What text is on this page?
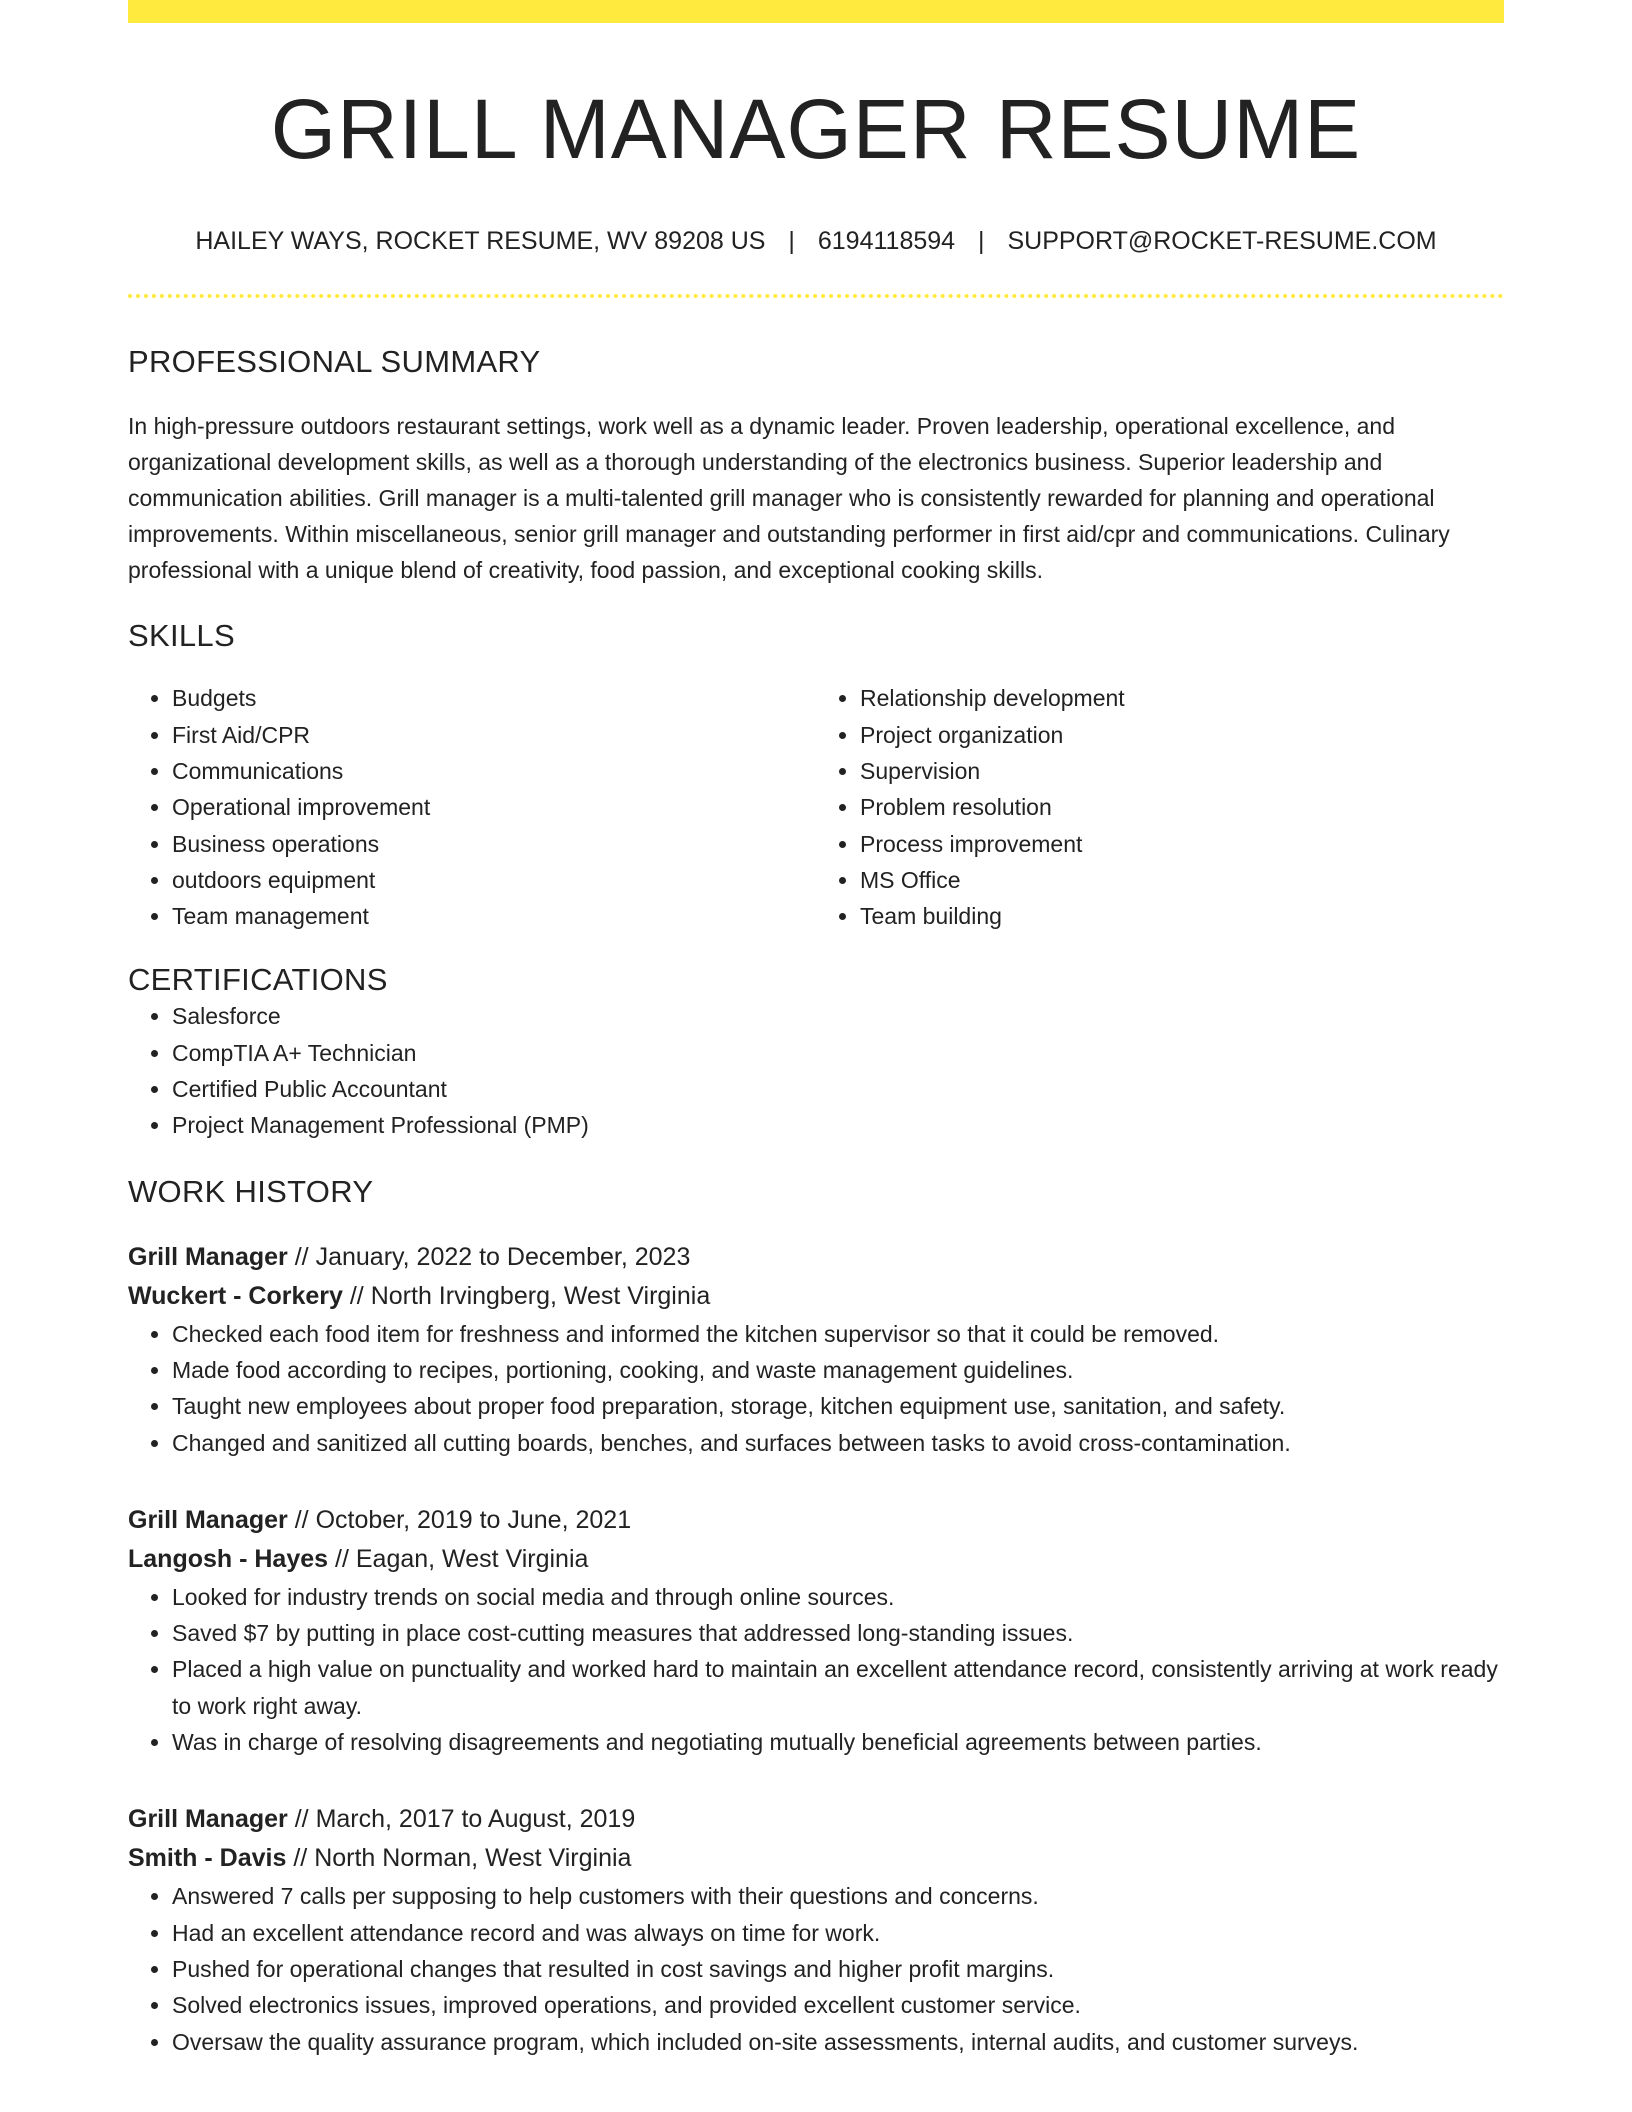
GRILL MANAGER RESUME
HAILEY WAYS, ROCKET RESUME, WV 89208 US | 6194118594 | SUPPORT@ROCKET-RESUME.COM
PROFESSIONAL SUMMARY

In high-pressure outdoors restaurant settings, work well as a dynamic leader. Proven leadership, operational excellence, and organizational development skills, as well as a thorough understanding of the electronics business. Superior leadership and communication abilities. Grill manager is a multi-talented grill manager who is consistently rewarded for planning and operational improvements. Within miscellaneous, senior grill manager and outstanding performer in first aid/cpr and communications. Culinary professional with a unique blend of creativity, food passion, and exceptional cooking skills.

SKILLS
• Budgets
• First Aid/CPR
• Communications
• Operational improvement
• Business operations
• outdoors equipment
• Team management
• Relationship development
• Project organization
• Supervision
• Problem resolution
• Process improvement
• MS Office
• Team building
CERTIFICATIONS
• Salesforce
• CompTIA A+ Technician
• Certified Public Accountant
• Project Management Professional (PMP)
WORK HISTORY
Grill Manager // January, 2022 to December, 2023
Wuckert - Corkery // North Irvingberg, West Virginia
• Checked each food item for freshness and informed the kitchen supervisor so that it could be removed.
• Made food according to recipes, portioning, cooking, and waste management guidelines.
• Taught new employees about proper food preparation, storage, kitchen equipment use, sanitation, and safety.
• Changed and sanitized all cutting boards, benches, and surfaces between tasks to avoid cross-contamination.
Grill Manager // October, 2019 to June, 2021
Langosh - Hayes // Eagan, West Virginia
• Looked for industry trends on social media and through online sources.
• Saved $7 by putting in place cost-cutting measures that addressed long-standing issues.
• Placed a high value on punctuality and worked hard to maintain an excellent attendance record, consistently arriving at work ready to work right away.
• Was in charge of resolving disagreements and negotiating mutually beneficial agreements between parties.
Grill Manager // March, 2017 to August, 2019
Smith - Davis // North Norman, West Virginia
• Answered 7 calls per supposing to help customers with their questions and concerns.
• Had an excellent attendance record and was always on time for work.
• Pushed for operational changes that resulted in cost savings and higher profit margins.
• Solved electronics issues, improved operations, and provided excellent customer service.
• Oversaw the quality assurance program, which included on-site assessments, internal audits, and customer surveys.
